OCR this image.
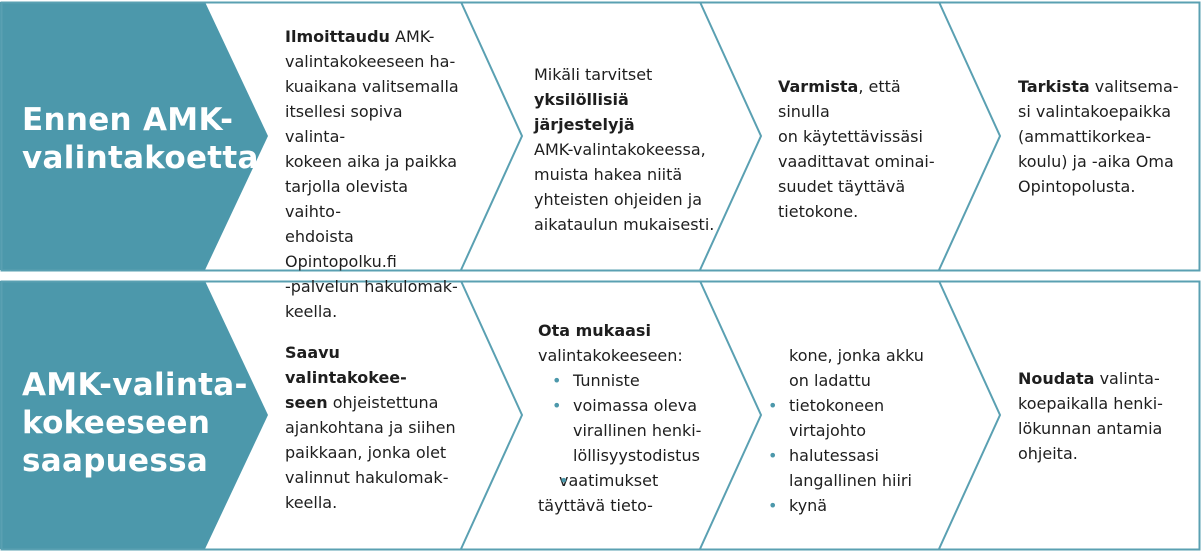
Ennen AMK-
valintakoetta
Ilmoittaudu AMK-
valintakokeeseen ha-
kuaikana valitsemalla
itsellesi sopiva valinta-
kokeen aika ja paikka
tarjolla olevista vaihto-
ehdoista Opintopolku.fi
-palvelun hakulomak-
keella.
Mikäli tarvitset
yksilöllisiä järjestelyjä
AMK-valintakokeessa,
muista hakea niitä
yhteisten ohjeiden ja
aikataulun mukaisesti.
Varmista, että sinulla
on käytettävissäsi
vaadittavat ominai-
suudet täyttävä
tietokone.
Tarkista valitsema-
si valintakoepaikka
(ammattikorkea-
koulu) ja -aika Oma
Opintopolusta.
AMK-valinta-
kokeeseen
saapuessa
Saavu valintakokee-
seen ohjeistettuna
ajankohtana ja siihen
paikkaan, jonka olet
valinnut hakulomak-
keella.
Ota mukaasi
valintakokeeseen:
• Tunniste
• voimassa oleva virallinen henki-löllisyystodistus
• vaatimukset täyttävä tieto-
kone, jonka akku
on ladattu
• tietokoneen virtajohto
• halutessasi langallinen hiiri
• kynä
Noudata valinta-
koepaikalla henki-
lökunnan antamia
ohjeita.
